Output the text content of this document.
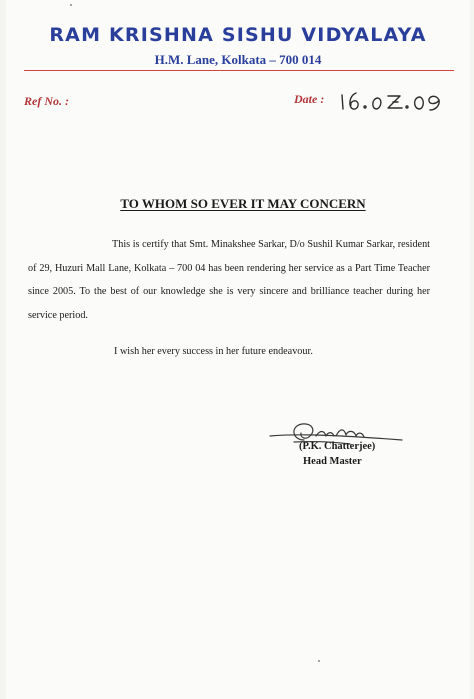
RAM KRISHNA SISHU VIDYALAYA
H.M. Lane, Kolkata – 700 014
Ref No. :	Date :
TO WHOM SO EVER IT MAY CONCERN
This is certify that Smt. Minakshee Sarkar, D/o Sushil Kumar Sarkar, resident of 29, Huzuri Mall Lane, Kolkata – 700 04 has been rendering her service as a Part Time Teacher since 2005. To the best of our knowledge she is very sincere and brilliance teacher during her service period.
I wish her every success in her future endeavour.
(P.K. Chatterjee)
Head Master
